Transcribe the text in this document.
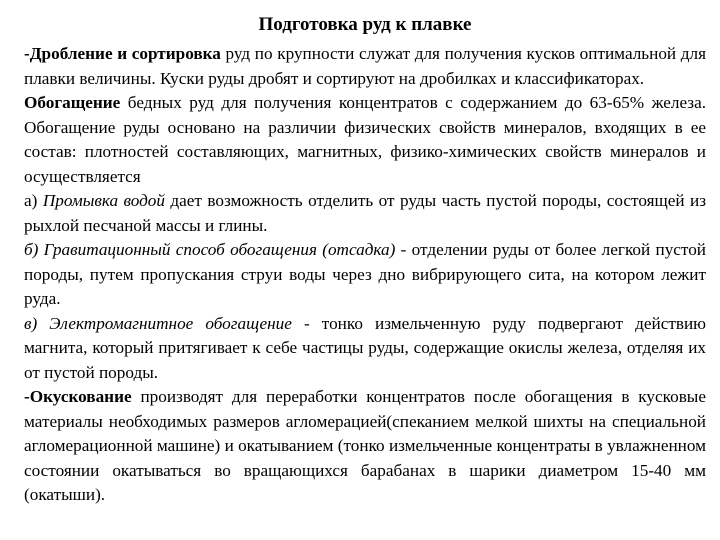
Подготовка руд к плавке

-Дробление и сортировка руд по крупности служат для получения кусков оптимальной для плавки величины. Куски руды дробят и сортируют на дробилках и классификаторах.

Обогащение бедных руд для получения концентратов с содержанием до 63-65% железа. Обогащение руды основано на различии физических свойств минералов, входящих в ее состав: плотностей составляющих, магнитных, физико-химических свойств минералов и осуществляется

а) Промывка водой дает возможность отделить от руды часть пустой породы, состоящей из рыхлой песчаной массы и глины.

б) Гравитационный способ обогащения (отсадка) - отделении руды от более легкой пустой породы, путем пропускания струи воды через дно вибрирующего сита, на котором лежит руда.

в) Электромагнитное обогащение - тонко измельченную руду подвергают действию магнита, который притягивает к себе частицы руды, содержащие окислы железа, отделяя их от пустой породы.

-Окускование производят для переработки концентратов после обогащения в кусковые материалы необходимых размеров агломерацией(спеканием мелкой шихты на специальной агломерационной машине) и окатыванием (тонко измельченные концентраты в увлажненном состоянии окатываться во вращающихся барабанах в шарики диаметром 15-40 мм (окатыши).
